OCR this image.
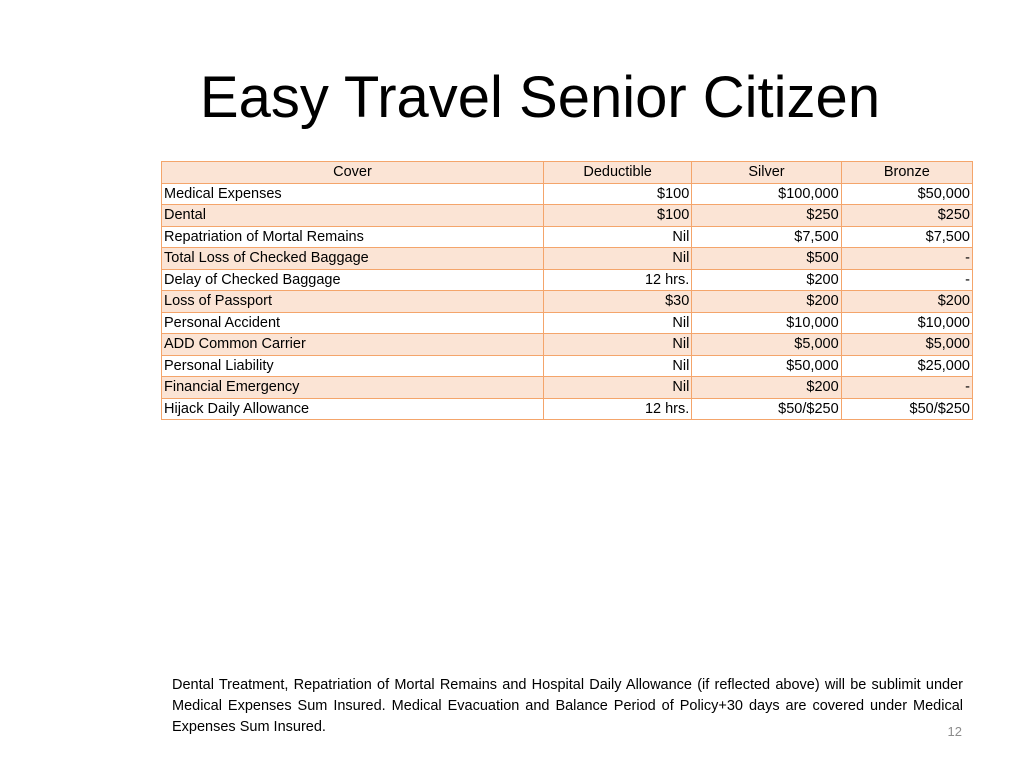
Easy Travel Senior Citizen
Cover	Deductible	Silver	Bronze
Medical Expenses	$100	$100,000	$50,000
Dental	$100	$250	$250
Repatriation of Mortal Remains	Nil	$7,500	$7,500
Total Loss of Checked Baggage	Nil	$500	-
Delay of Checked Baggage	12 hrs.	$200	-
Loss of Passport	$30	$200	$200
Personal Accident	Nil	$10,000	$10,000
ADD Common Carrier	Nil	$5,000	$5,000
Personal Liability	Nil	$50,000	$25,000
Financial Emergency	Nil	$200	-
Hijack Daily Allowance	12 hrs.	$50/$250	$50/$250

Dental Treatment, Repatriation of Mortal Remains and Hospital Daily Allowance (if reflected above) will be sublimit under Medical Expenses Sum Insured. Medical Evacuation and Balance Period of Policy+30 days are covered under Medical Expenses Sum Insured.	12
